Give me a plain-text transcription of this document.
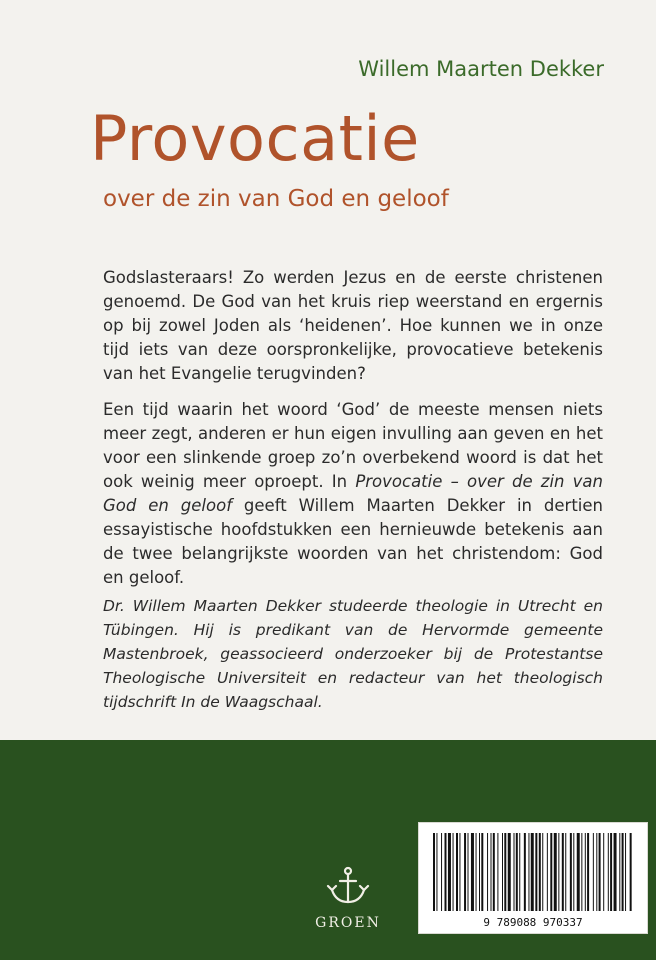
Willem Maarten Dekker
Provocatie
over de zin van God en geloof
Godslasteraars! Zo werden Jezus en de eerste christenen genoemd. De God van het kruis riep weerstand en ergernis op bij zowel Joden als ‘heidenen’. Hoe kunnen we in onze tijd iets van deze oorspronkelijke, provocatieve betekenis van het Evangelie terugvinden?
Een tijd waarin het woord ‘God’ de meeste mensen niets meer zegt, anderen er hun eigen invulling aan geven en het voor een slinkende groep zo’n overbekend woord is dat het ook weinig meer oproept. In Provocatie – over de zin van God en geloof geeft Willem Maarten Dekker in dertien essayistische hoofdstukken een hernieuwde betekenis aan de twee belangrijkste woorden van het christendom: God en geloof.
Dr. Willem Maarten Dekker studeerde theologie in Utrecht en Tübingen. Hij is predikant van de Hervormde gemeente Mastenbroek, geassocieerd onderzoeker bij de Protestantse Theologische Universiteit en redacteur van het theologisch tijdschrift In de Waagschaal.
GROEN	9 789088 970337
